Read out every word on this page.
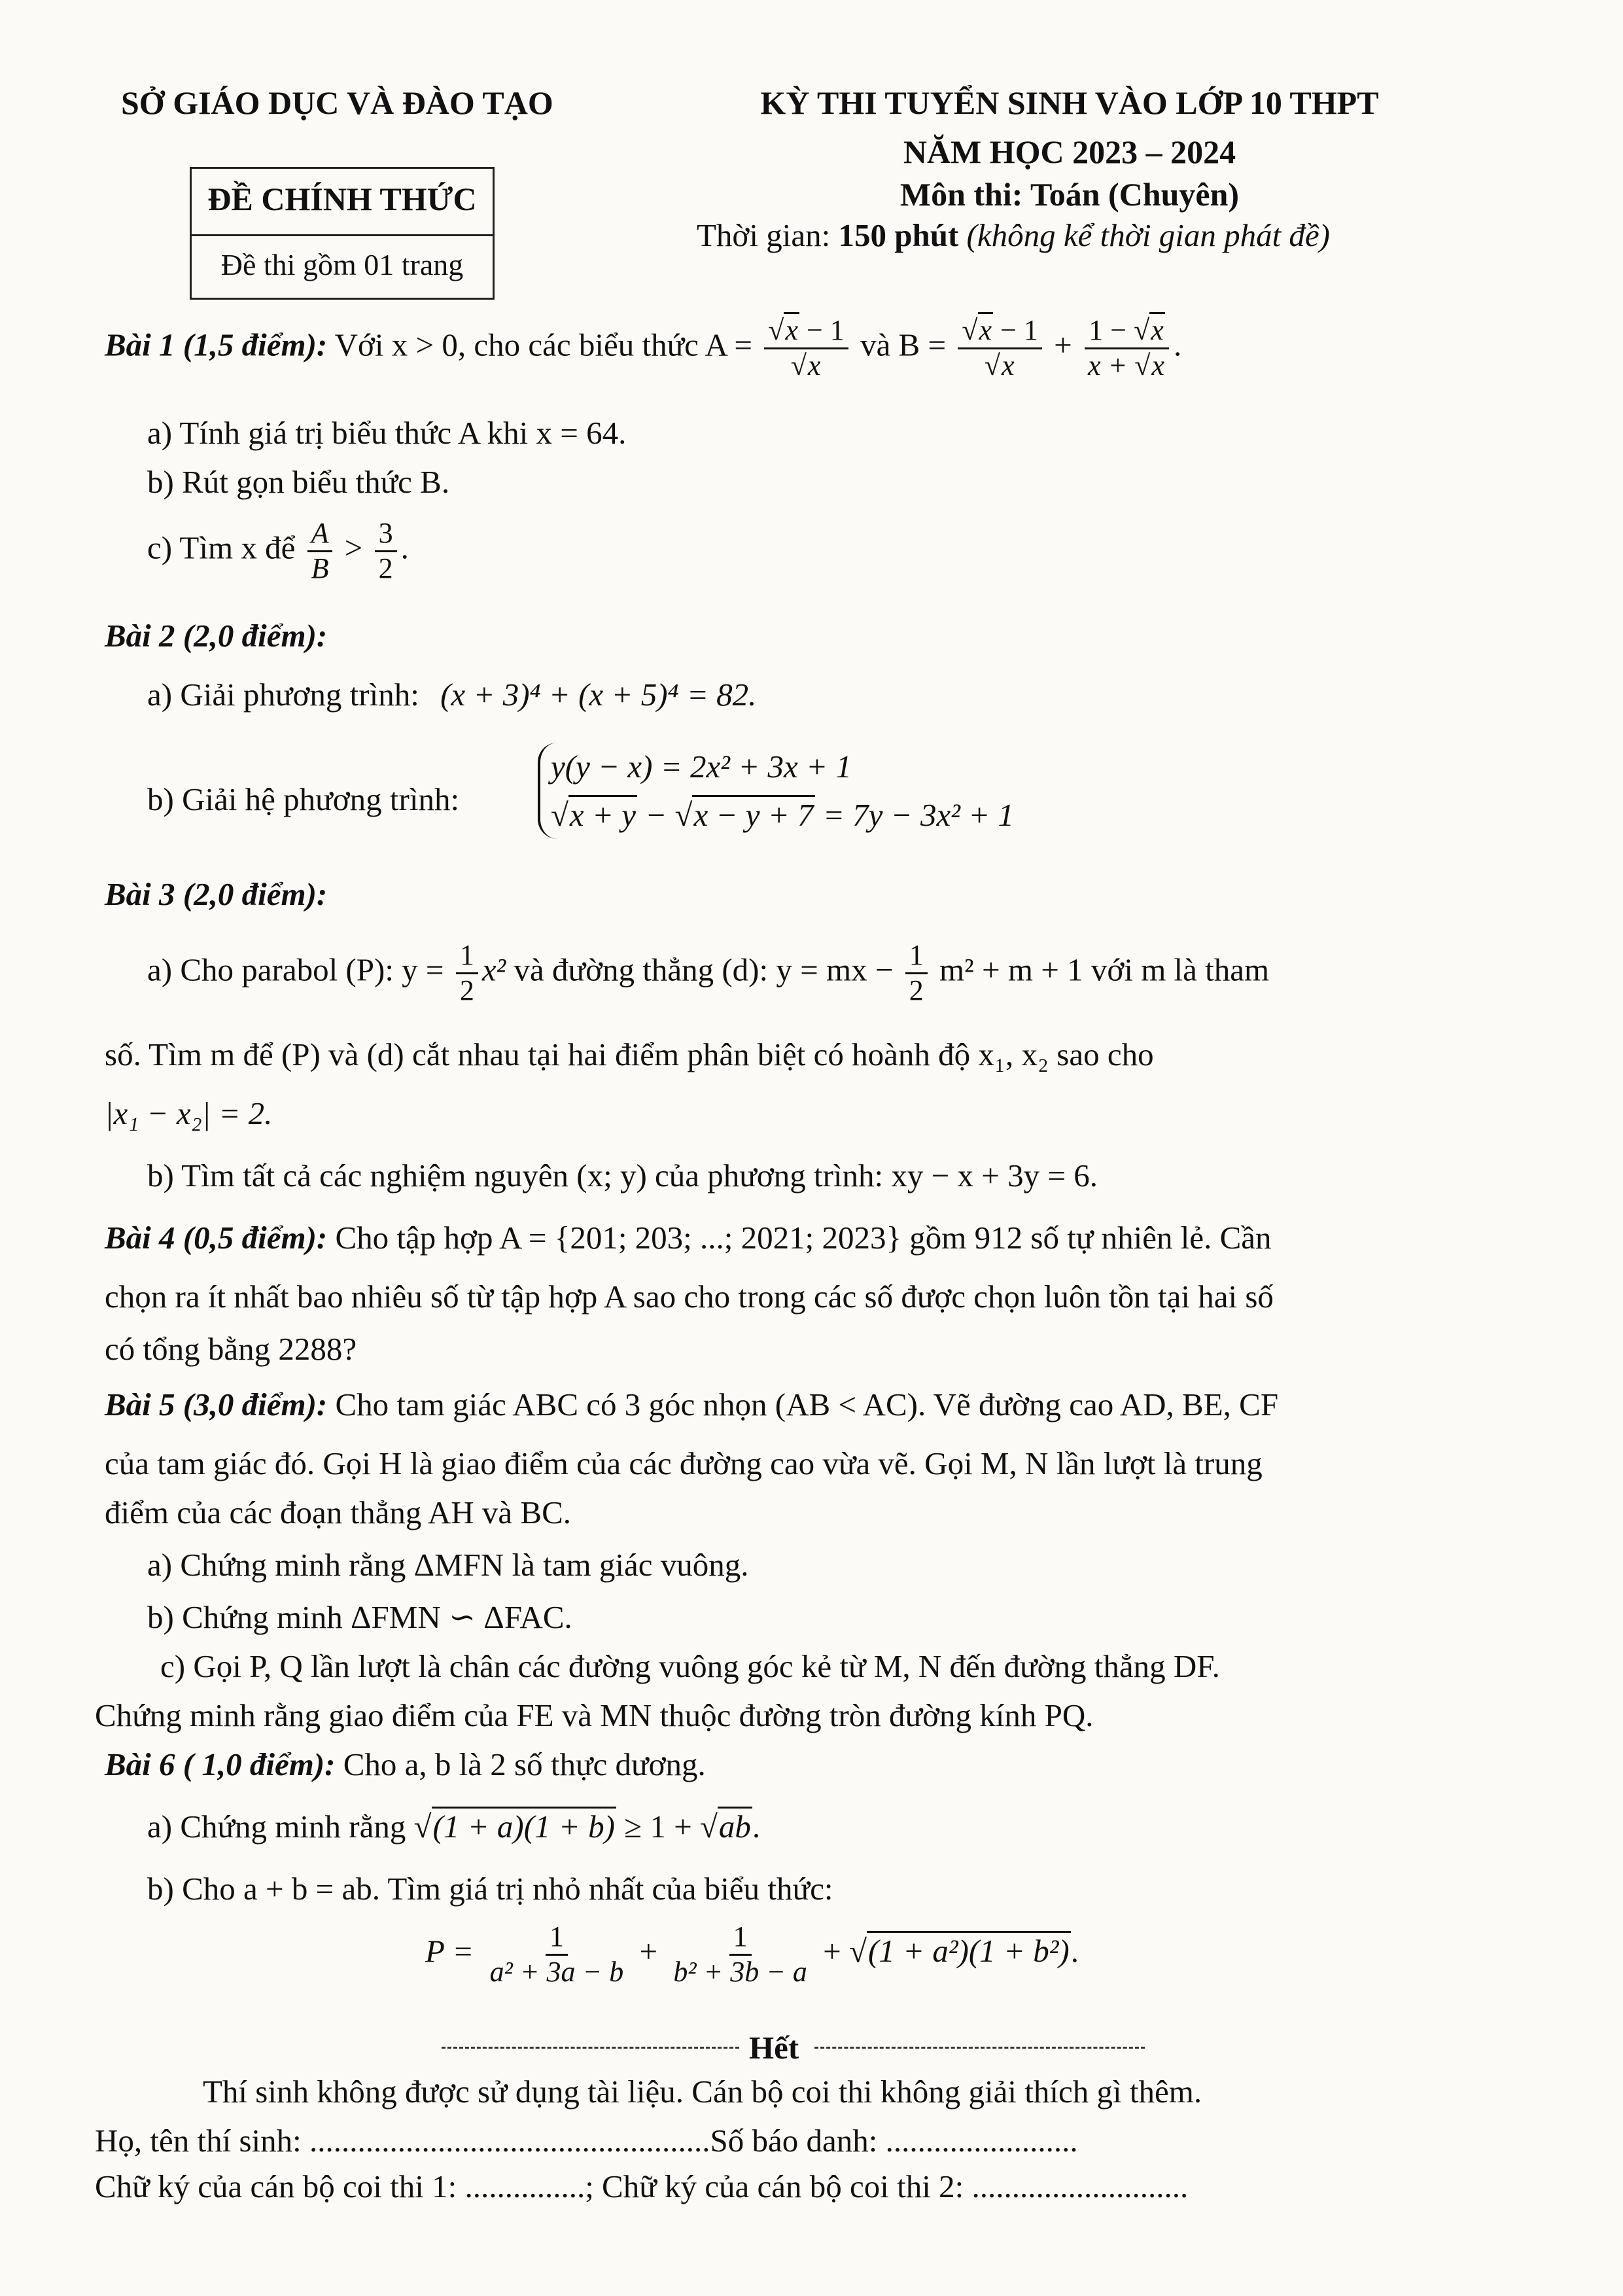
SỞ GIÁO DỤC VÀ ĐÀO TẠO
ĐỀ CHÍNH THỨC
Đề thi gồm 01 trang
KỲ THI TUYỂN SINH VÀO LỚP 10 THPT
NĂM HỌC 2023 – 2024
Môn thi: Toán (Chuyên)
Thời gian: 150 phút (không kể thời gian phát đề)
Bài 1 (1,5 điểm): Với x > 0, cho các biểu thức $A = \frac{√x - 1}{√x}$ và $B = \frac{√x - 1}{√x} + \frac{1 - √x}{x + √x}$ .
a) Tính giá trị biểu thức A khi x = 64.
b) Rút gọn biểu thức B.
c) Tìm x để $\frac{A}{B} > \frac{3}{2}$ .
Bài 2 (2,0 điểm):
a) Giải phương trình: (x + 3)⁴ + (x + 5)⁴ = 82.
b) Giải hệ phương trình:
y(y − x) = 2x² + 3x + 1
√x + y − √x − y + 7 = 7y − 3x² + 1
Bài 3 (2,0 điểm):
a) Cho parabol (P): $y = \frac{1}{2} x^2$ và đường thẳng (d): y = mx − $\frac{1}{2} m^2 + m + 1$ với m là tham
số. Tìm m để (P) và (d) cắt nhau tại hai điểm phân biệt có hoành độ x₁, x₂ sao cho
|x₁ − x₂| = 2.
b) Tìm tất cả các nghiệm nguyên (x; y) của phương trình: xy − x + 3y = 6.
Bài 4 (0,5 điểm): Cho tập hợp A = {201; 203; ...; 2021; 2023} gồm 912 số tự nhiên lẻ. Cần
chọn ra ít nhất bao nhiêu số từ tập hợp A sao cho trong các số được chọn luôn tồn tại hai số
có tổng bằng 2288?
Bài 5 (3,0 điểm): Cho tam giác ABC có 3 góc nhọn (AB < AC). Vẽ đường cao AD, BE, CF
của tam giác đó. Gọi H là giao điểm của các đường cao vừa vẽ. Gọi M, N lần lượt là trung
điểm của các đoạn thẳng AH và BC.
a) Chứng minh rằng ΔMFN là tam giác vuông.
b) Chứng minh ΔFMN ∽ ΔFAC.
c) Gọi P, Q lần lượt là chân các đường vuông góc kẻ từ M, N đến đường thẳng DF.
Chứng minh rằng giao điểm của FE và MN thuộc đường tròn đường kính PQ.
Bài 6 ( 1,0 điểm): Cho a, b là 2 số thực dương.
a) Chứng minh rằng √(1 + a)(1 + b) ≥ 1 + √ab.
b) Cho a + b = ab. Tìm giá trị nhỏ nhất của biểu thức:
$P = \frac{1}{\text{a² + 3a − b}} + \frac{1}{\text{b² + 3b − a}} + √(1 + a^2)(1 + b^2)$.
Hết
Thí sinh không được sử dụng tài liệu. Cán bộ coi thi không giải thích gì thêm.
Họ, tên thí sinh: ..................................................Số báo danh: ........................
Chữ ký của cán bộ coi thi 1: ...............; Chữ ký của cán bộ coi thi 2: ...........................
